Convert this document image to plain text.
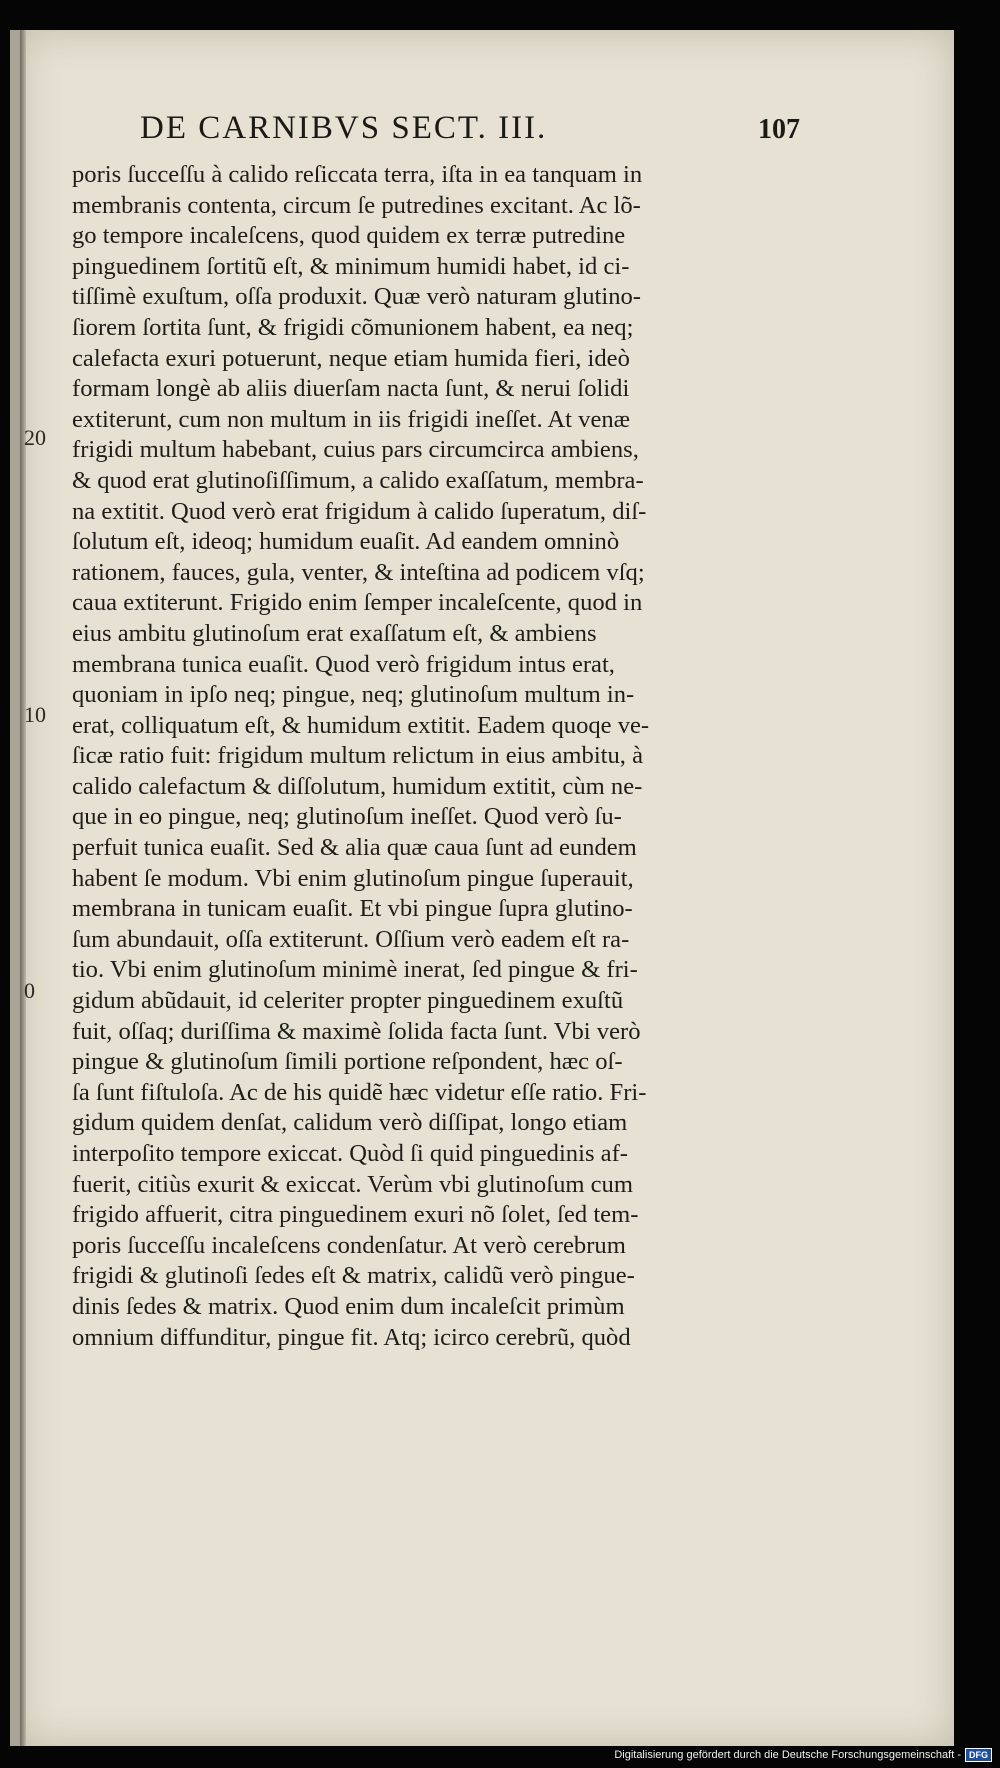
DE CARNIBVS SECT. III.	107
20
10
0
poris ſucceſſu à calido reſiccata terra, iſta in ea tanquam in
membranis contenta, circum ſe putredines excitant. Ac lõ-
go tempore incaleſcens, quod quidem ex terræ putredine
pinguedinem ſortitũ eſt, & minimum humidi habet, id ci-
tiſſimè exuſtum, oſſa produxit. Quæ verò naturam glutino-
ſiorem ſortita ſunt, & frigidi cõmunionem habent, ea neq;
calefacta exuri potuerunt, neque etiam humida fieri, ideò
formam longè ab aliis diuerſam nacta ſunt, & nerui ſolidi
extiterunt, cum non multum in iis frigidi ineſſet. At venæ
frigidi multum habebant, cuius pars circumcirca ambiens,
& quod erat glutinoſiſſimum, a calido exaſſatum, membra-
na extitit. Quod verò erat frigidum à calido ſuperatum, diſ-
ſolutum eſt, ideoq; humidum euaſit. Ad eandem omninò
rationem, fauces, gula, venter, & inteſtina ad podicem vſq;
caua extiterunt. Frigido enim ſemper incaleſcente, quod in
eius ambitu glutinoſum erat exaſſatum eſt, & ambiens
membrana tunica euaſit. Quod verò frigidum intus erat,
quoniam in ipſo neq; pingue, neq; glutinoſum multum in-
erat, colliquatum eſt, & humidum extitit. Eadem quoqe ve-
ſicæ ratio fuit: frigidum multum relictum in eius ambitu, à
calido calefactum & diſſolutum, humidum extitit, cùm ne-
que in eo pingue, neq; glutinoſum ineſſet. Quod verò ſu-
perfuit tunica euaſit. Sed & alia quæ caua ſunt ad eundem
habent ſe modum. Vbi enim glutinoſum pingue ſuperauit,
membrana in tunicam euaſit. Et vbi pingue ſupra glutino-
ſum abundauit, oſſa extiterunt. Oſſium verò eadem eſt ra-
tio. Vbi enim glutinoſum minimè inerat, ſed pingue & fri-
gidum abũdauit, id celeriter propter pinguedinem exuſtũ
fuit, oſſaq; duriſſima & maximè ſolida facta ſunt. Vbi verò
pingue & glutinoſum ſimili portione reſpondent, hæc oſ-
ſa ſunt fiſtuloſa. Ac de his quidẽ hæc videtur eſſe ratio. Fri-
gidum quidem denſat, calidum verò diſſipat, longo etiam
interpoſito tempore exiccat. Quòd ſi quid pinguedinis af-
fuerit, citiùs exurit & exiccat. Verùm vbi glutinoſum cum
frigido affuerit, citra pinguedinem exuri nõ ſolet, ſed tem-
poris ſucceſſu incaleſcens condenſatur. At verò cerebrum
frigidi & glutinoſi ſedes eſt & matrix, calidũ verò pingue-
dinis ſedes & matrix. Quod enim dum incaleſcit primùm
omnium diffunditur, pingue fit. Atq; icirco cerebrũ, quòd
Digitalisierung gefördert durch die Deutsche Forschungsgemeinschaft - DFG
